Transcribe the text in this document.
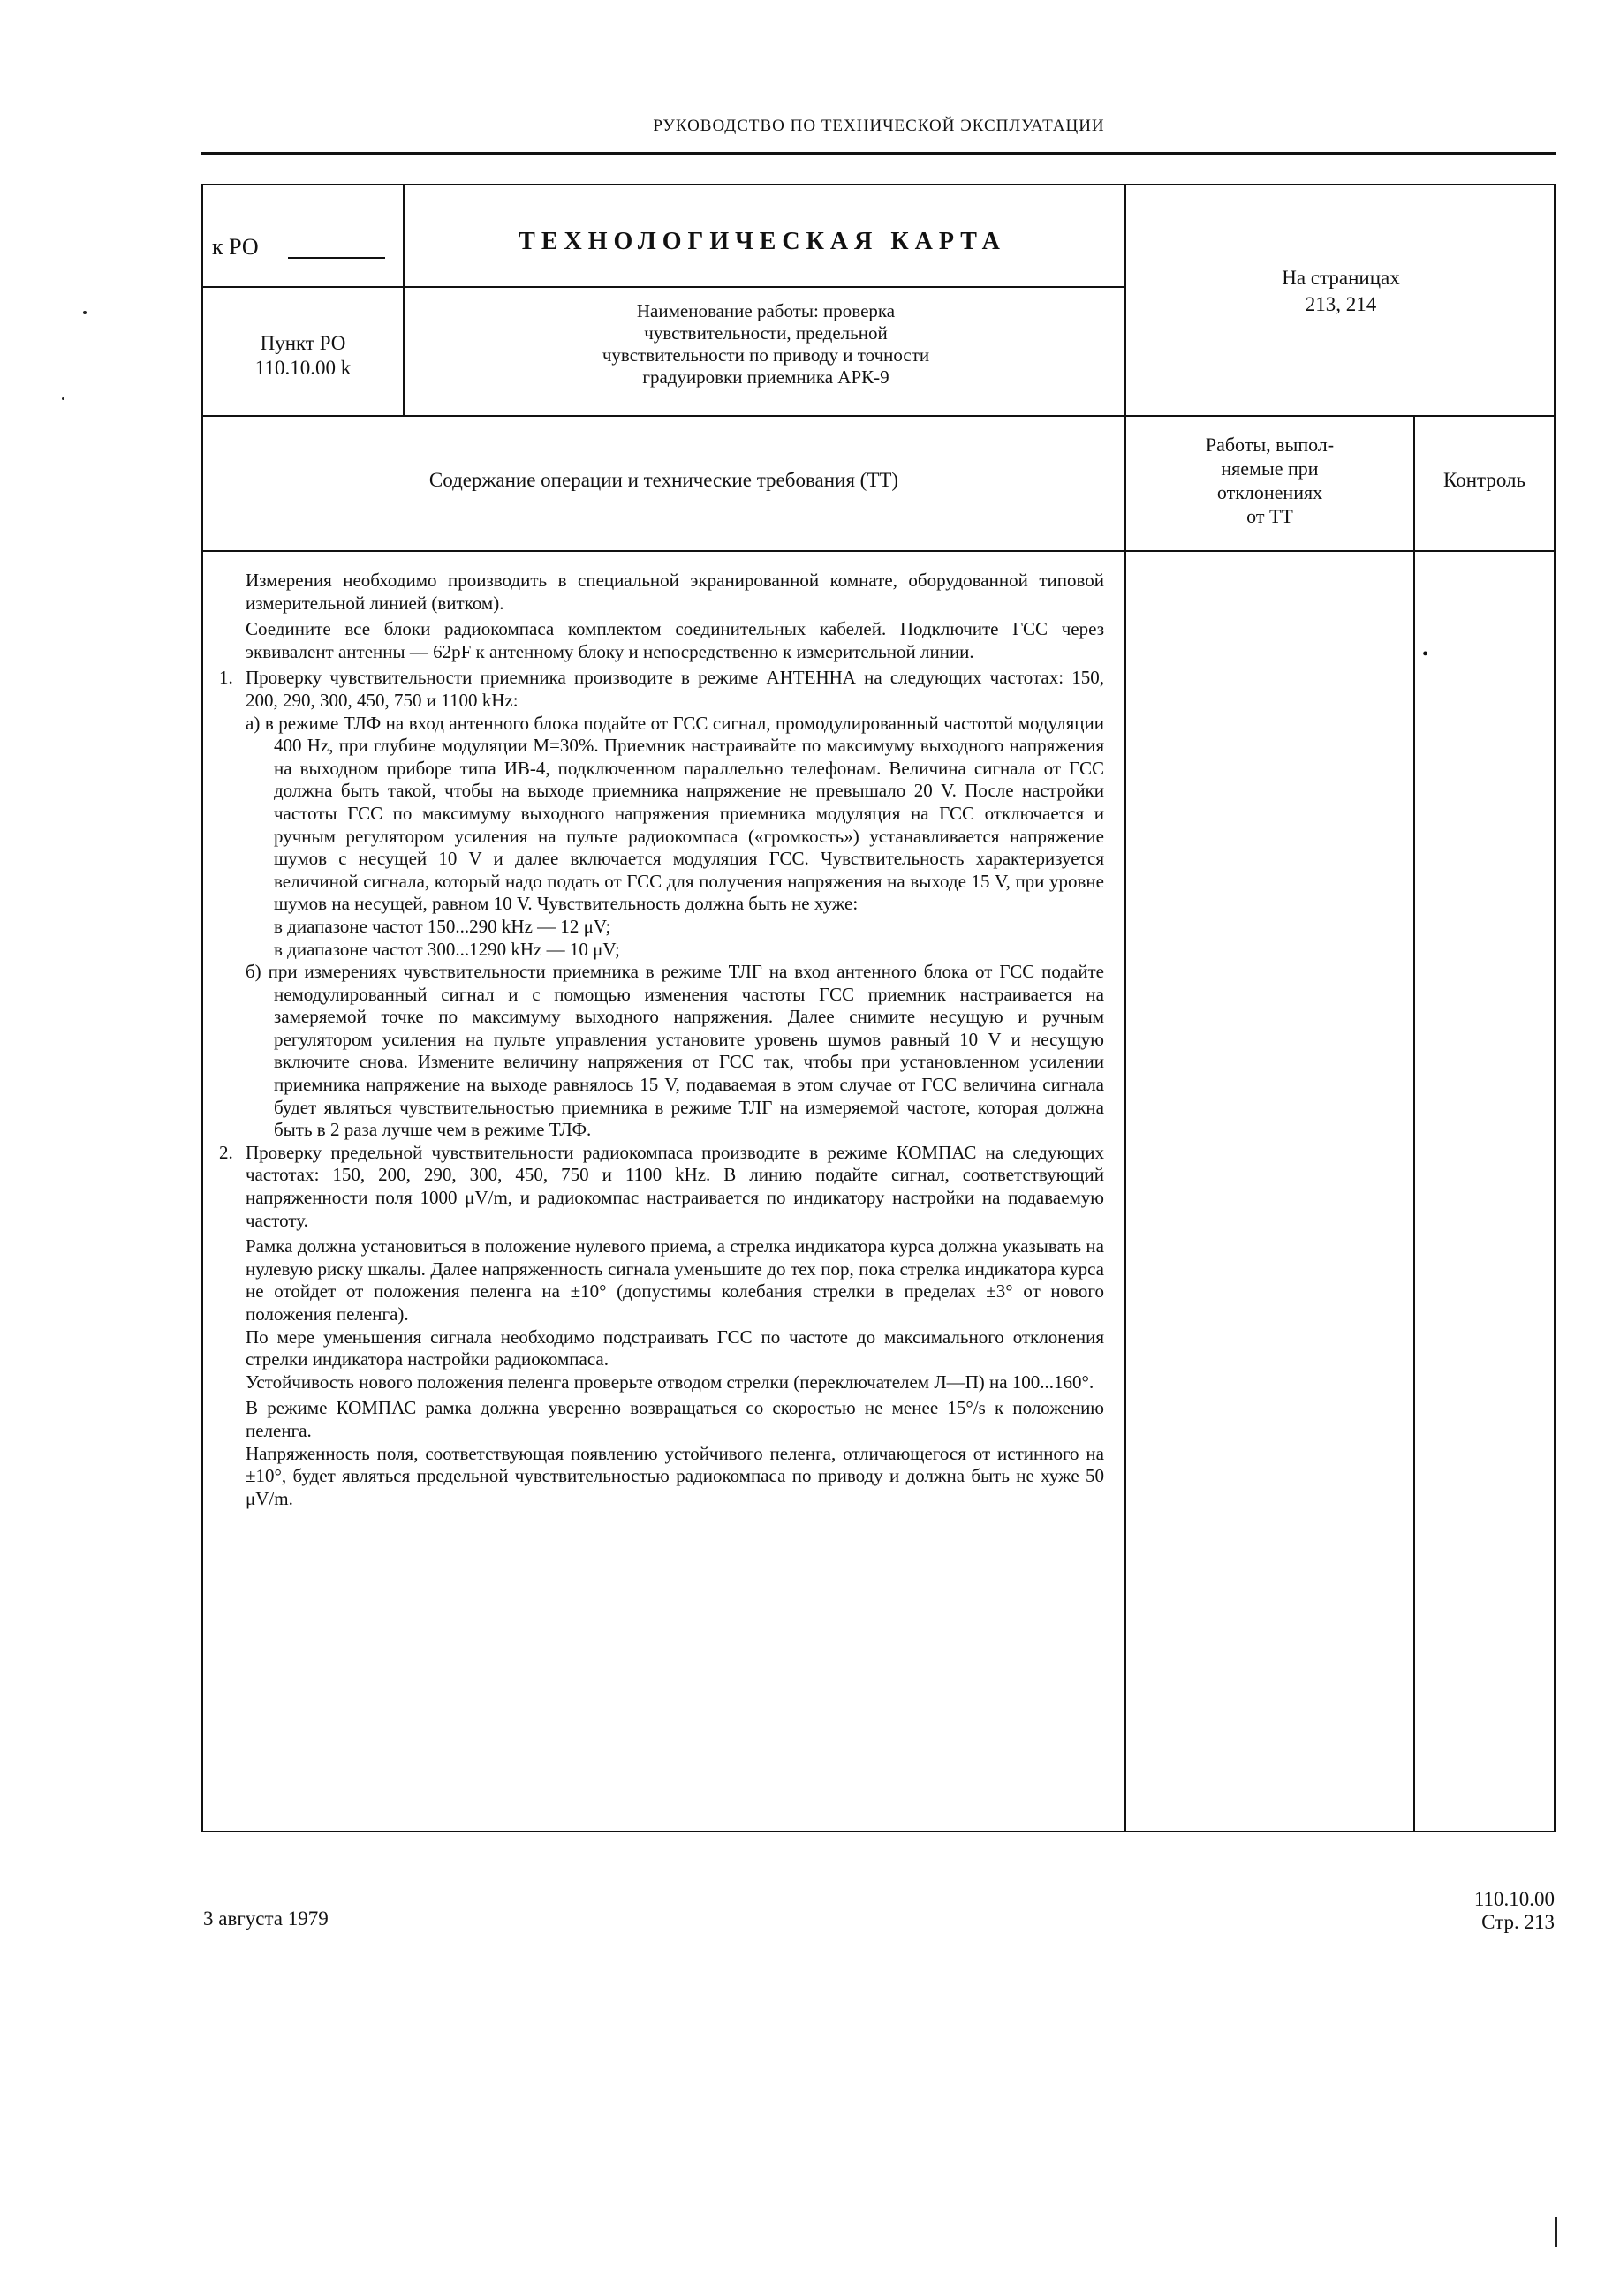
РУКОВОДСТВО ПО ТЕХНИЧЕСКОЙ ЭКСПЛУАТАЦИИ
к РО	ТЕХНОЛОГИЧЕСКАЯ КАРТА
На страницах
213, 214
Пункт РО
110.10.00 k
Наименование работы: проверка
чувствительности, предельной
чувствительности по приводу и точности
градуировки приемника АРК-9
Содержание операции и технические требования (ТТ)
Работы, выпол-
няемые при
отклонениях
от ТТ
Контроль

Измерения необходимо производить в специальной экранированной комнате, оборудованной типовой измерительной линией (витком).

Соедините все блоки радиокомпаса комплектом соединительных кабелей. Подключите ГСС через эквивалент антенны — 62pF к антенному блоку и непосредственно к измерительной линии.

1. Проверку чувствительности приемника производите в режиме АНТЕННА на следующих частотах: 150, 200, 290, 300, 450, 750 и 1100 kHz:

а) в режиме ТЛФ на вход антенного блока подайте от ГСС сигнал, промодулированный частотой модуляции 400 Hz, при глубине модуляции M=30%. Приемник настраивайте по максимуму выходного напряжения на выходном приборе типа ИВ-4, подключенном параллельно телефонам. Величина сигнала от ГСС должна быть такой, чтобы на выходе приемника напряжение не превышало 20 V. После настройки частоты ГСС по максимуму выходного напряжения приемника модуляция на ГСС отключается и ручным регулятором усиления на пульте радиокомпаса («громкость») устанавливается напряжение шумов с несущей 10 V и далее включается модуляция ГСС. Чувствительность характеризуется величиной сигнала, который надо подать от ГСС для получения напряжения на выходе 15 V, при уровне шумов на несущей, равном 10 V. Чувствительность должна быть не хуже:

в диапазоне частот 150...290 kHz — 12 μV;

в диапазоне частот 300...1290 kHz — 10 μV;

б) при измерениях чувствительности приемника в режиме ТЛГ на вход антенного блока от ГСС подайте немодулированный сигнал и с помощью изменения частоты ГСС приемник настраивается на замеряемой точке по максимуму выходного напряжения. Далее снимите несущую и ручным регулятором усиления на пульте управления установите уровень шумов равный 10 V и несущую включите снова. Измените величину напряжения от ГСС так, чтобы при установленном усилении приемника напряжение на выходе равнялось 15 V, подаваемая в этом случае от ГСС величина сигнала будет являться чувствительностью приемника в режиме ТЛГ на измеряемой частоте, которая должна быть в 2 раза лучше чем в режиме ТЛФ.

2. Проверку предельной чувствительности радиокомпаса производите в режиме КОМПАС на следующих частотах: 150, 200, 290, 300, 450, 750 и 1100 kHz. В линию подайте сигнал, соответствующий напряженности поля 1000 μV/m, и радиокомпас настраивается по индикатору настройки на подаваемую частоту.

Рамка должна установиться в положение нулевого приема, а стрелка индикатора курса должна указывать на нулевую риску шкалы. Далее напряженность сигнала уменьшите до тех пор, пока стрелка индикатора курса не отойдет от положения пеленга на ±10° (допустимы колебания стрелки в пределах ±3° от нового положения пеленга).

По мере уменьшения сигнала необходимо подстраивать ГСС по частоте до максимального отклонения стрелки индикатора настройки радиокомпаса.

Устойчивость нового положения пеленга проверьте отводом стрелки (переключателем Л—П) на 100...160°.

В режиме КОМПАС рамка должна уверенно возвращаться со скоростью не менее 15°/s к положению пеленга.

Напряженность поля, соответствующая появлению устойчивого пеленга, отличающегося от истинного на ±10°, будет являться предельной чувствительностью радиокомпаса по приводу и должна быть не хуже 50 μV/m.

•
3 августа 1979
110.10.00
Стр. 213
